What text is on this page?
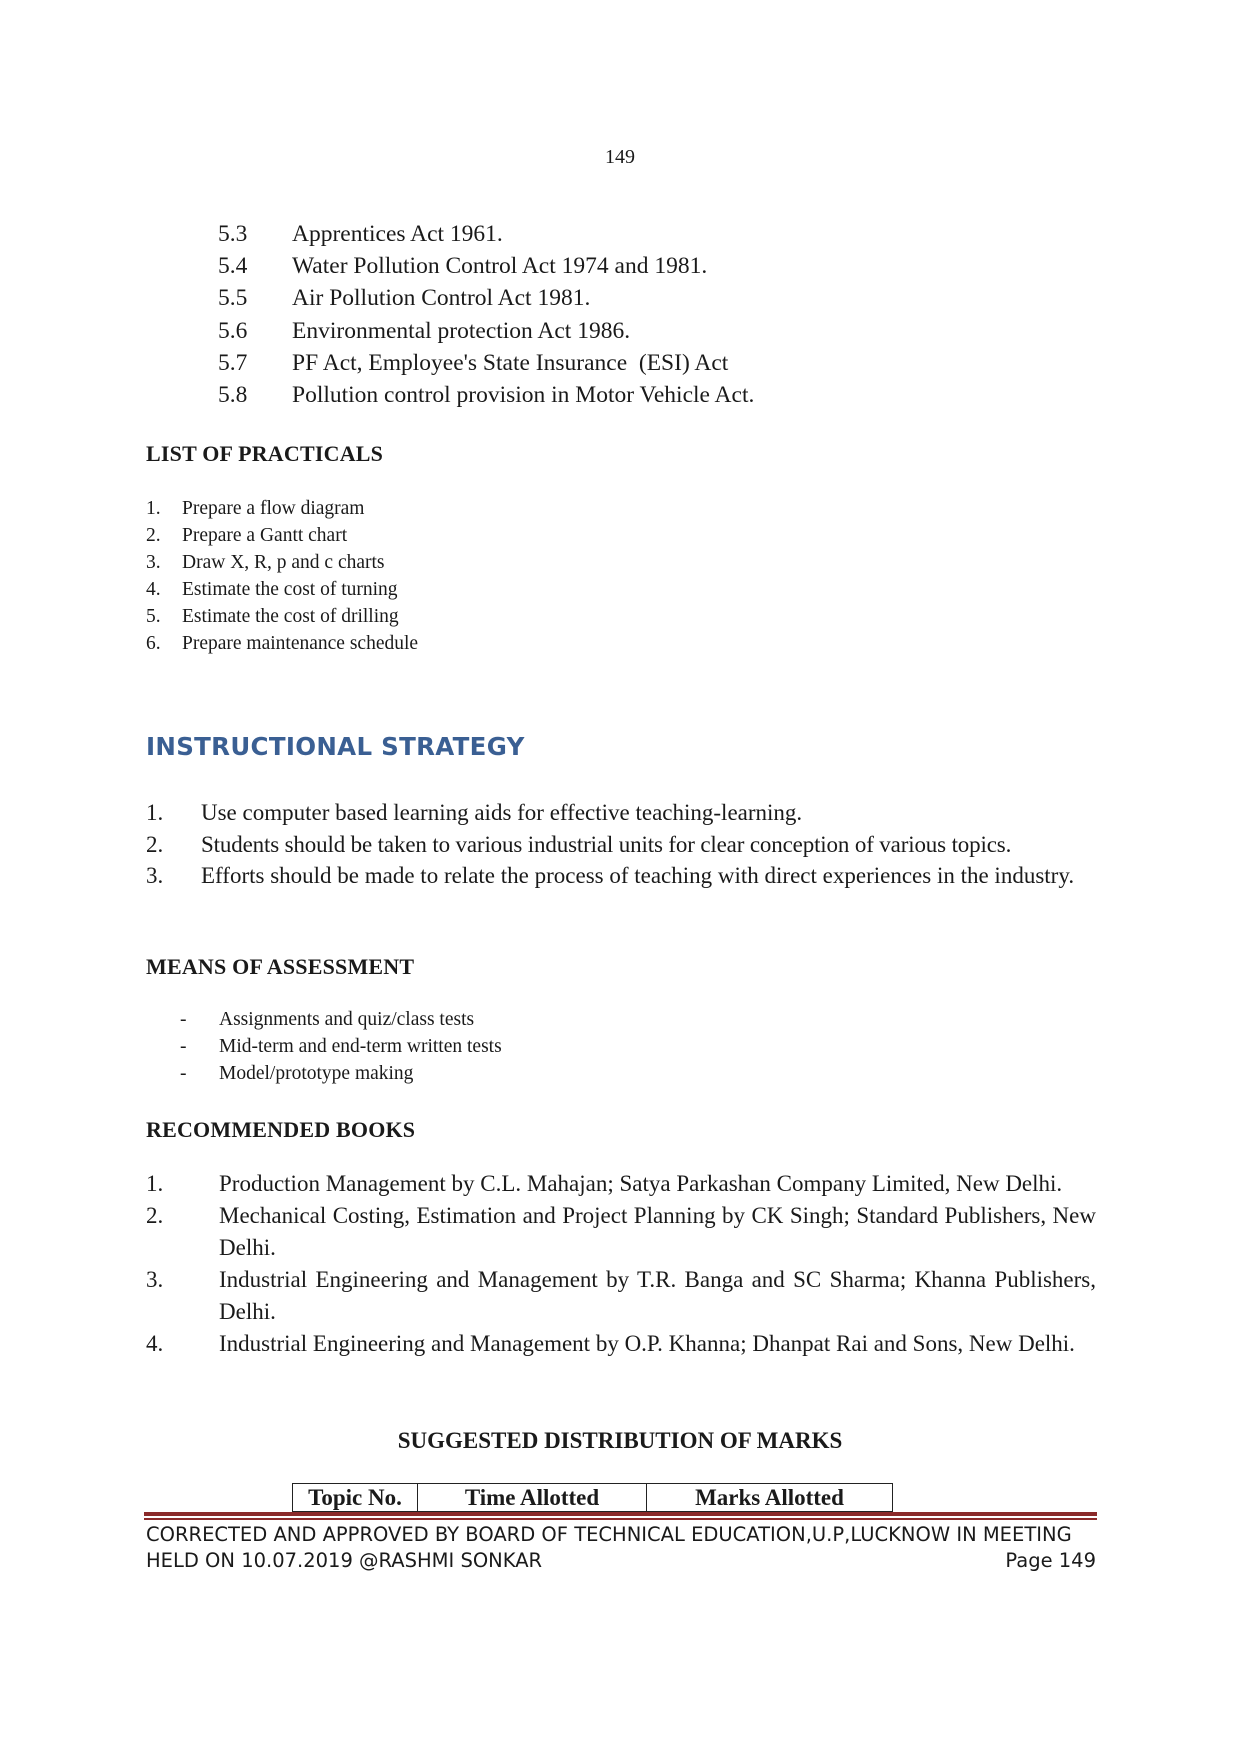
149
5.3	Apprentices Act 1961.
5.4	Water Pollution Control Act 1974 and 1981.
5.5	Air Pollution Control Act 1981.
5.6	Environmental protection Act 1986.
5.7	PF Act, Employee's State Insurance  (ESI) Act
5.8	Pollution control provision in Motor Vehicle Act.
LIST OF PRACTICALS
1.	Prepare a flow diagram
2.	Prepare a Gantt chart
3.	Draw X, R, p and c charts
4.	Estimate the cost of turning
5.	Estimate the cost of drilling
6.	Prepare maintenance schedule
INSTRUCTIONAL STRATEGY
1.	Use computer based learning aids for effective teaching-learning.
2.	Students should be taken to various industrial units for clear conception of various topics.
3.	Efforts should be made to relate the process of teaching with direct experiences in the industry.
MEANS OF ASSESSMENT
-	Assignments and quiz/class tests
-	Mid-term and end-term written tests
-	Model/prototype making
RECOMMENDED BOOKS
1.	Production Management by C.L. Mahajan; Satya Parkashan Company Limited, New Delhi.
2.	Mechanical Costing, Estimation and Project Planning by CK Singh; Standard Publishers, New Delhi.
3.	Industrial Engineering and Management by T.R. Banga and SC Sharma; Khanna Publishers, Delhi.
4.	Industrial Engineering and Management by O.P. Khanna; Dhanpat Rai and Sons, New Delhi.
SUGGESTED DISTRIBUTION OF MARKS
Topic No.	Time Allotted	Marks Allotted
CORRECTED AND APPROVED BY BOARD OF TECHNICAL EDUCATION,U.P,LUCKNOW IN MEETING
HELD ON 10.07.2019 @RASHMI SONKAR	Page 149
